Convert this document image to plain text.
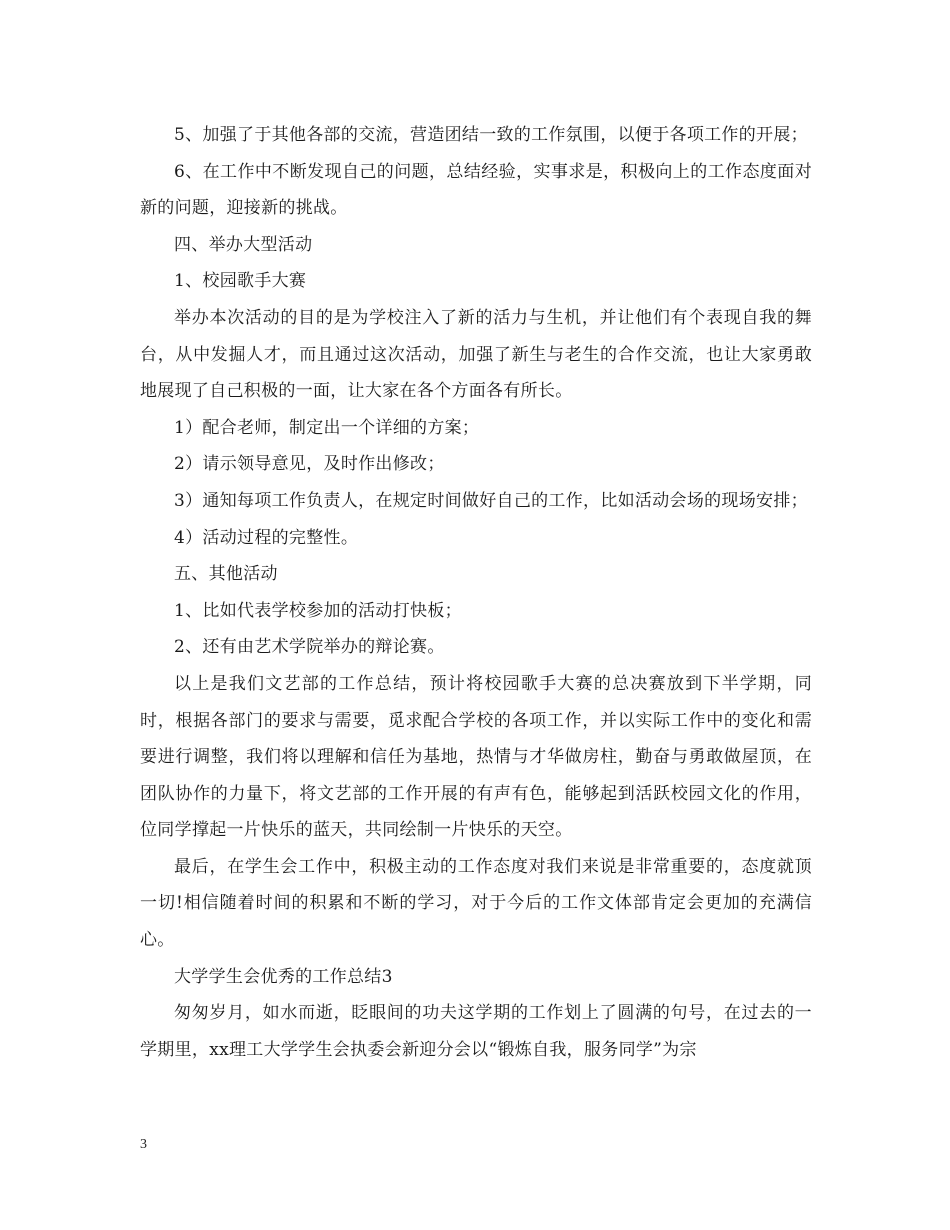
5、加强了于其他各部的交流，营造团结一致的工作氛围，以便于各项工作的开展；

6、在工作中不断发现自己的问题，总结经验，实事求是，积极向上的工作态度面对新的问题，迎接新的挑战。

四、举办大型活动

1、校园歌手大赛

举办本次活动的目的是为学校注入了新的活力与生机，并让他们有个表现自我的舞台，从中发掘人才，而且通过这次活动，加强了新生与老生的合作交流，也让大家勇敢地展现了自己积极的一面，让大家在各个方面各有所长。

1）配合老师，制定出一个详细的方案；

2）请示领导意见，及时作出修改；

3）通知每项工作负责人，在规定时间做好自己的工作，比如活动会场的现场安排；

4）活动过程的完整性。

五、其他活动

1、比如代表学校参加的活动打快板；

2、还有由艺术学院举办的辩论赛。

以上是我们文艺部的工作总结，预计将校园歌手大赛的总决赛放到下半学期，同时，根据各部门的要求与需要，觅求配合学校的各项工作，并以实际工作中的变化和需要进行调整，我们将以理解和信任为基地，热情与才华做房柱，勤奋与勇敢做屋顶，在团队协作的力量下，将文艺部的工作开展的有声有色，能够起到活跃校园文化的作用，位同学撑起一片快乐的蓝天，共同绘制一片快乐的天空。

最后，在学生会工作中，积极主动的工作态度对我们来说是非常重要的，态度就顶一切!相信随着时间的积累和不断的学习，对于今后的工作文体部肯定会更加的充满信心。

大学学生会优秀的工作总结3

匆匆岁月，如水而逝，眨眼间的功夫这学期的工作划上了圆满的句号，在过去的一学期里，xx理工大学学生会执委会新迎分会以“锻炼自我，服务同学”为宗

3
